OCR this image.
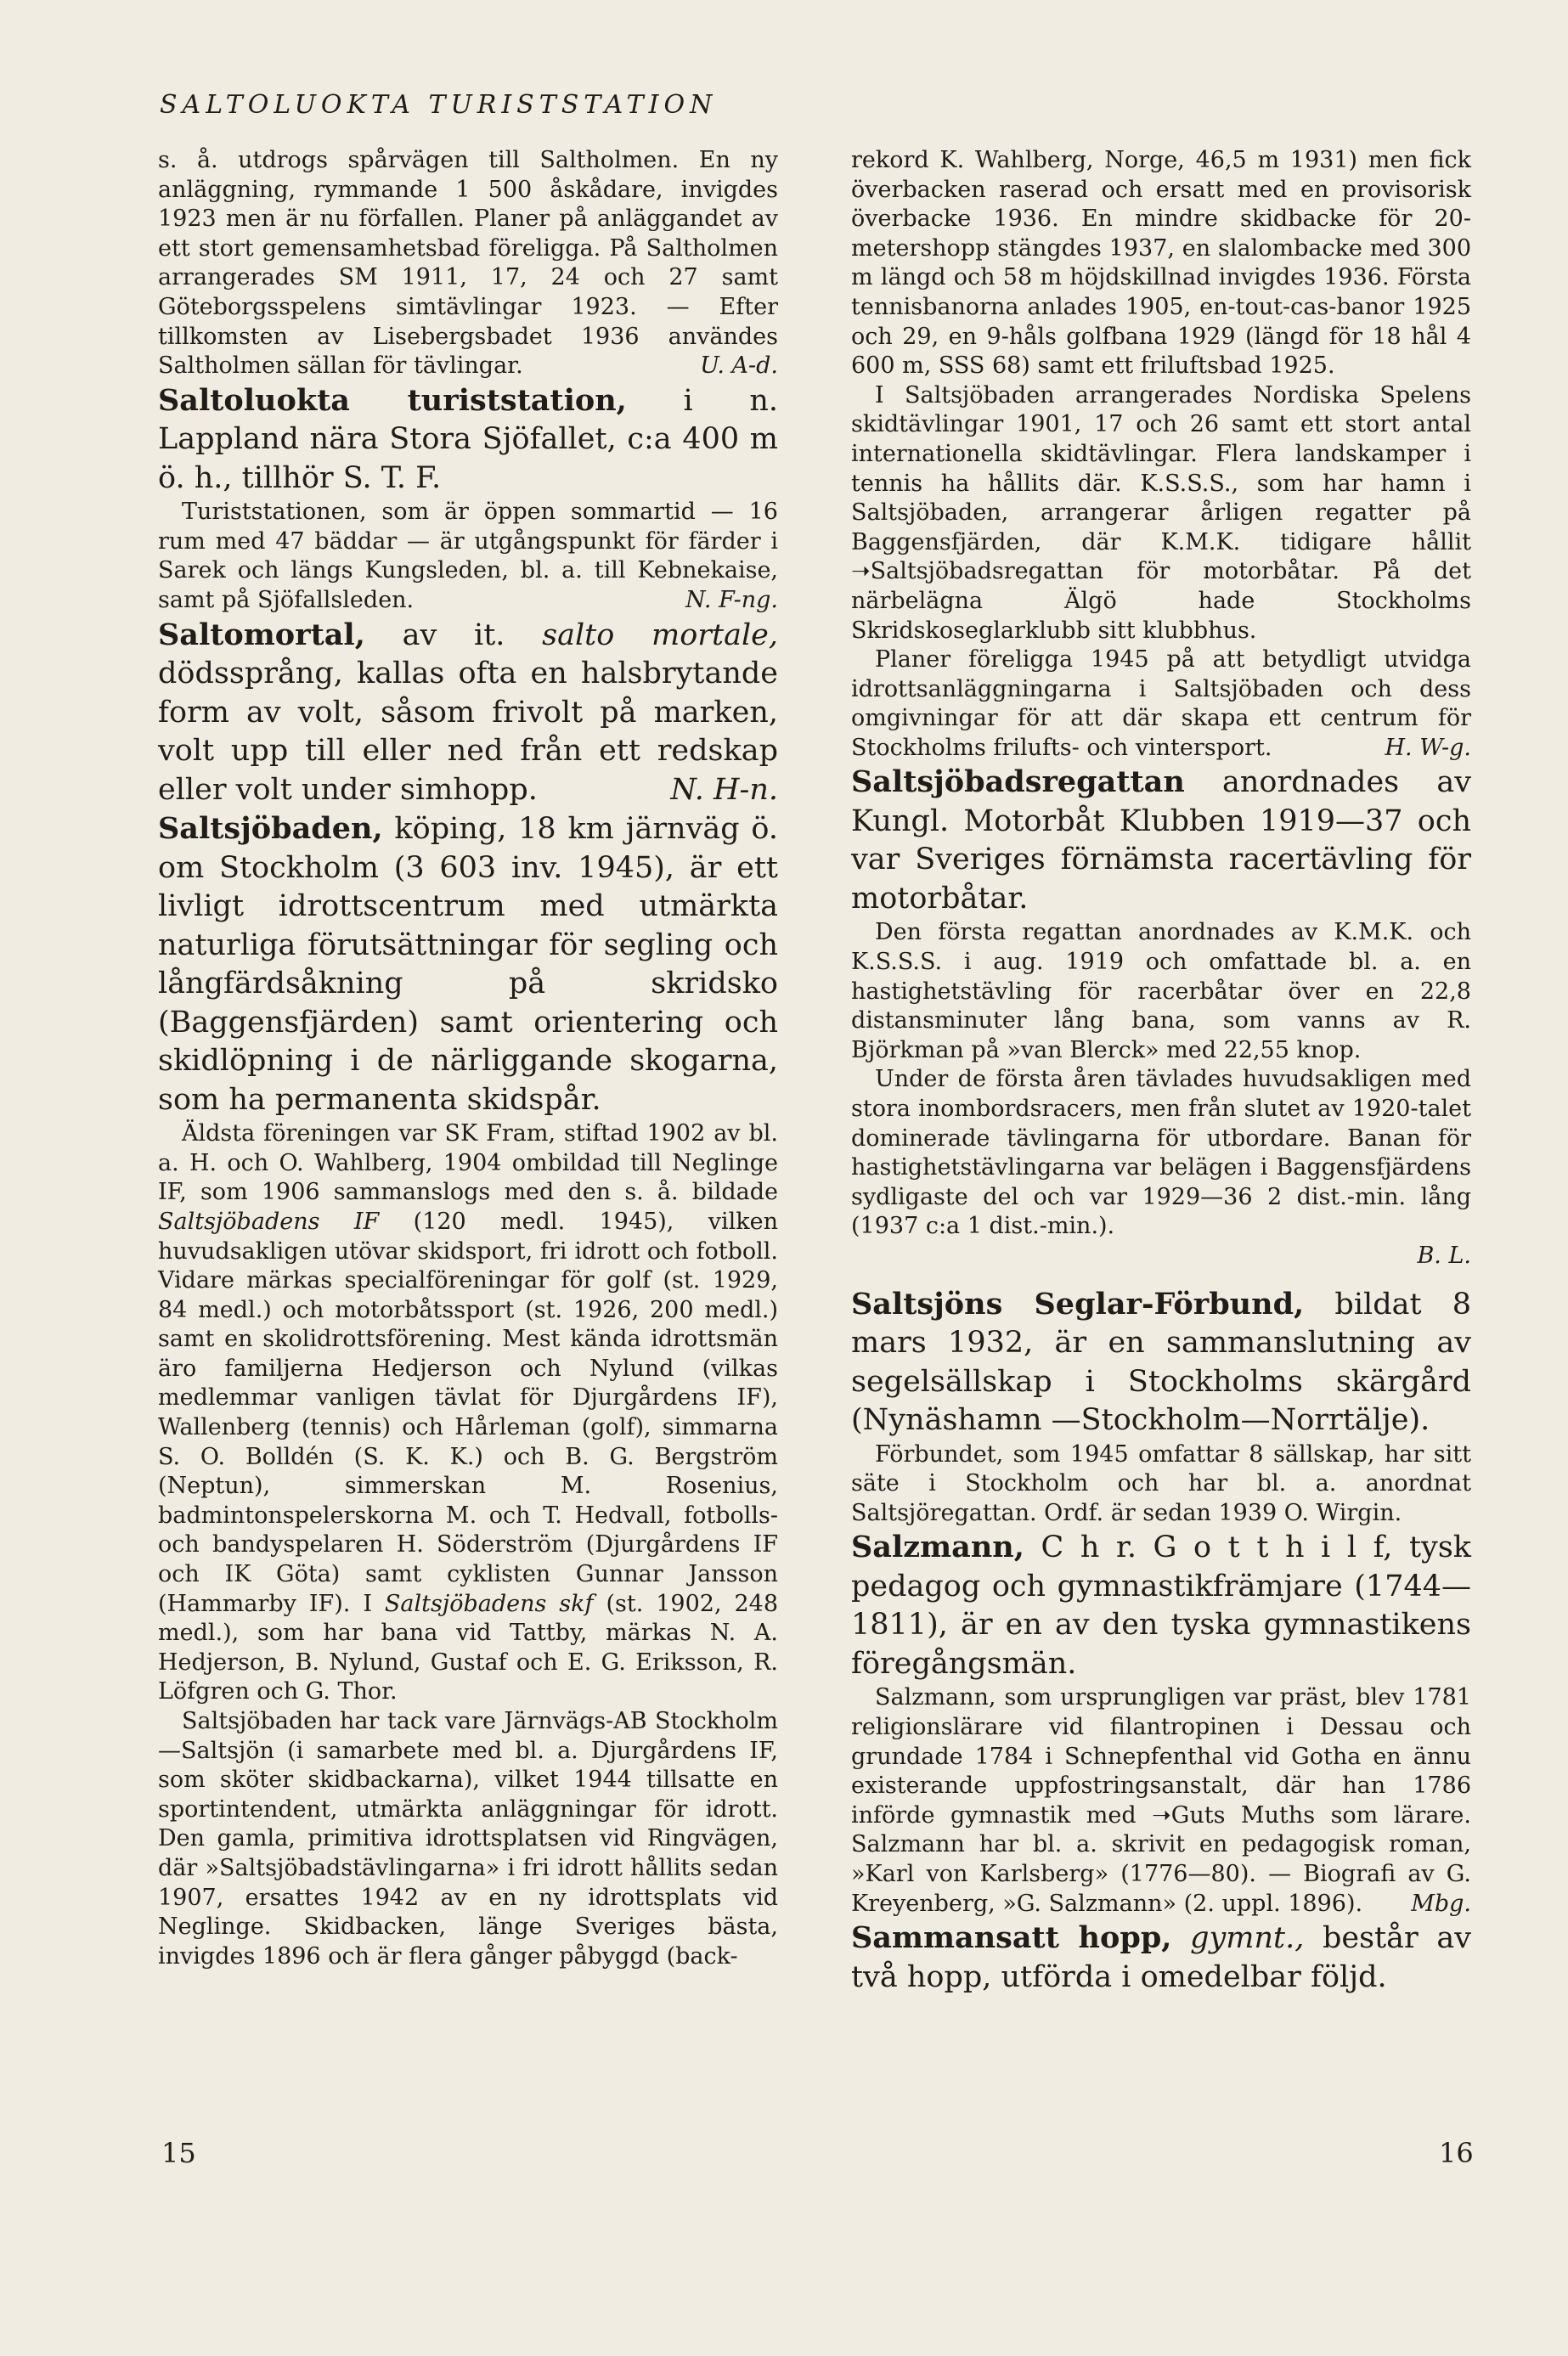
SALTOLUOKTA TURISTSTATION

s. å. utdrogs spårvägen till Saltholmen. En ny anläggning, rymmande 1 500 åskådare, invigdes 1923 men är nu förfallen. Planer på anläggandet av ett stort gemensamhetsbad föreligga. På Saltholmen arrangerades SM 1911, 17, 24 och 27 samt Göteborgsspelens simtävlingar 1923. — Efter tillkomsten av Lisebergsbadet 1936 användes Saltholmen sällan för tävlingar.	U. A-d.

Saltoluokta turiststation, i n. Lappland nära Stora Sjöfallet, c:a 400 m ö. h., tillhör S. T. F.

Turiststationen, som är öppen sommartid — 16 rum med 47 bäddar — är utgångspunkt för färder i Sarek och längs Kungsleden, bl. a. till Kebnekaise, samt på Sjöfallsleden.	N. F-ng.

Saltomortal, av it. salto mortale, dödssprång, kallas ofta en halsbrytande form av volt, såsom frivolt på marken, volt upp till eller ned från ett redskap eller volt under simhopp.	N. H-n.

Saltsjöbaden, köping, 18 km järnväg ö. om Stockholm (3 603 inv. 1945), är ett livligt idrottscentrum med utmärkta naturliga förutsättningar för segling och långfärdsåkning på skridsko (Baggensfjärden) samt orientering och skidlöpning i de närliggande skogarna, som ha permanenta skidspår.

Äldsta föreningen var SK Fram, stiftad 1902 av bl. a. H. och O. Wahlberg, 1904 ombildad till Neglinge IF, som 1906 sammanslogs med den s. å. bildade Saltsjöbadens IF (120 medl. 1945), vilken huvudsakligen utövar skidsport, fri idrott och fotboll. Vidare märkas specialföreningar för golf (st. 1929, 84 medl.) och motorbåtssport (st. 1926, 200 medl.) samt en skolidrottsförening. Mest kända idrottsmän äro familjerna Hedjerson och Nylund (vilkas medlemmar vanligen tävlat för Djurgårdens IF), Wallenberg (tennis) och Hårleman (golf), simmarna S. O. Bolldén (S. K. K.) och B. G. Bergström (Neptun), simmerskan M. Rosenius, badmintonspelerskorna M. och T. Hedvall, fotbolls- och bandyspelaren H. Söderström (Djurgårdens IF och IK Göta) samt cyklisten Gunnar Jansson (Hammarby IF). I Saltsjöbadens skf (st. 1902, 248 medl.), som har bana vid Tattby, märkas N. A. Hedjerson, B. Nylund, Gustaf och E. G. Eriksson, R. Löfgren och G. Thor.

Saltsjöbaden har tack vare Järnvägs-AB Stockholm—Saltsjön (i samarbete med bl. a. Djurgårdens IF, som sköter skidbackarna), vilket 1944 tillsatte en sportintendent, utmärkta anläggningar för idrott. Den gamla, primitiva idrottsplatsen vid Ringvägen, där »Saltsjöbadstävlingarna» i fri idrott hållits sedan 1907, ersattes 1942 av en ny idrottsplats vid Neglinge. Skidbacken, länge Sveriges bästa, invigdes 1896 och är flera gånger påbyggd (back-

rekord K. Wahlberg, Norge, 46,5 m 1931) men fick överbacken raserad och ersatt med en provisorisk överbacke 1936. En mindre skidbacke för 20-metershopp stängdes 1937, en slalombacke med 300 m längd och 58 m höjdskillnad invigdes 1936. Första tennisbanorna anlades 1905, en-tout-cas-banor 1925 och 29, en 9-håls golfbana 1929 (längd för 18 hål 4 600 m, SSS 68) samt ett friluftsbad 1925.

I Saltsjöbaden arrangerades Nordiska Spelens skidtävlingar 1901, 17 och 26 samt ett stort antal internationella skidtävlingar. Flera landskamper i tennis ha hållits där. K.S.S.S., som har hamn i Saltsjöbaden, arrangerar årligen regatter på Baggensfjärden, där K.M.K. tidigare hållit ➝Saltsjöbadsregattan för motorbåtar. På det närbelägna Älgö hade Stockholms Skridskoseglarklubb sitt klubbhus.

Planer föreligga 1945 på att betydligt utvidga idrottsanläggningarna i Saltsjöbaden och dess omgivningar för att där skapa ett centrum för Stockholms frilufts- och vintersport.	H. W-g.

Saltsjöbadsregattan anordnades av Kungl. Motorbåt Klubben 1919—37 och var Sveriges förnämsta racertävling för motorbåtar.

Den första regattan anordnades av K.M.K. och K.S.S.S. i aug. 1919 och omfattade bl. a. en hastighetstävling för racerbåtar över en 22,8 distansminuter lång bana, som vanns av R. Björkman på »van Blerck» med 22,55 knop.

Under de första åren tävlades huvudsakligen med stora inombordsracers, men från slutet av 1920-talet dominerade tävlingarna för utbordare. Banan för hastighetstävlingarna var belägen i Baggensfjärdens sydligaste del och var 1929—36 2 dist.-min. lång (1937 c:a 1 dist.-min.).

B. L.

Saltsjöns Seglar-Förbund, bildat 8 mars 1932, är en sammanslutning av segelsällskap i Stockholms skärgård (Nynäshamn —Stockholm—Norrtälje).

Förbundet, som 1945 omfattar 8 sällskap, har sitt säte i Stockholm och har bl. a. anordnat Saltsjöregattan. Ordf. är sedan 1939 O. Wirgin.

Salzmann, C h r. G o t t h i l f, tysk pedagog och gymnastikfrämjare (1744—1811), är en av den tyska gymnastikens föregångsmän.

Salzmann, som ursprungligen var präst, blev 1781 religionslärare vid filantropinen i Dessau och grundade 1784 i Schnepfenthal vid Gotha en ännu existerande uppfostringsanstalt, där han 1786 införde gymnastik med ➝Guts Muths som lärare. Salzmann har bl. a. skrivit en pedagogisk roman, »Karl von Karlsberg» (1776—80). — Biografi av G. Kreyenberg, »G. Salzmann» (2. uppl. 1896).	Mbg.

Sammansatt hopp, gymnt., består av två hopp, utförda i omedelbar följd.

15	16
